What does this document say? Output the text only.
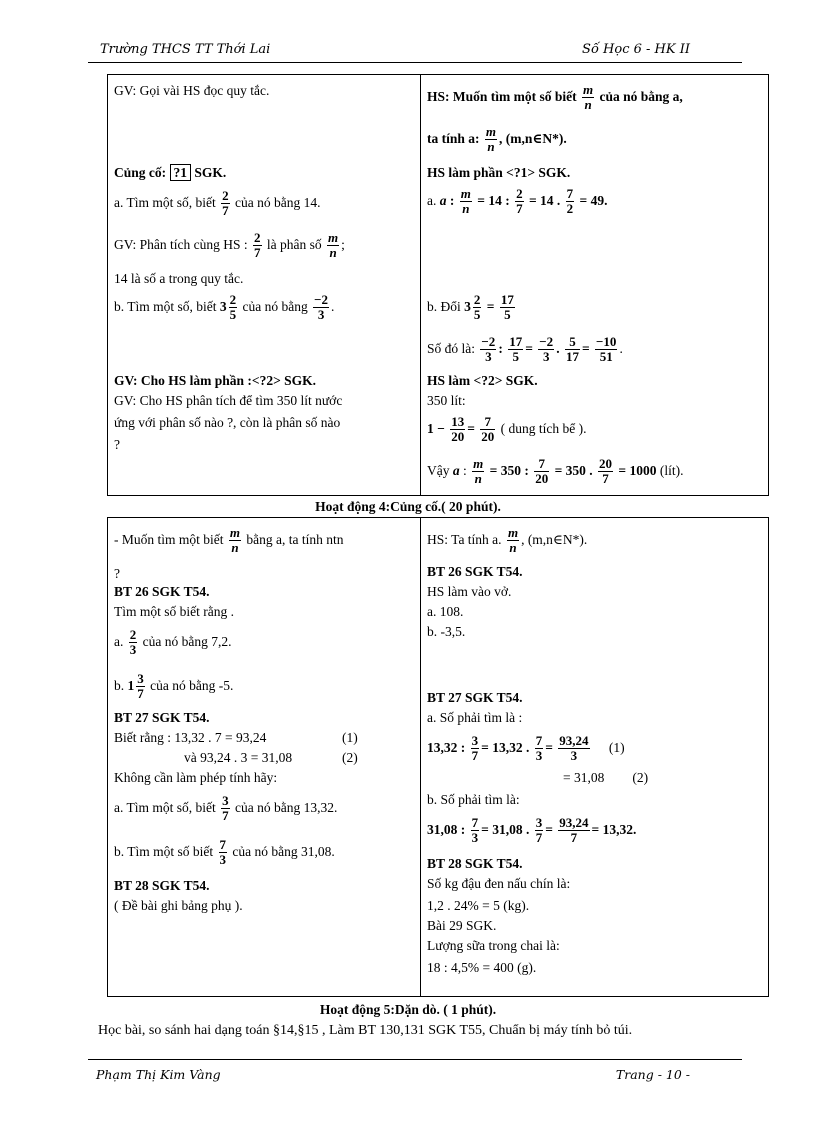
Trường THCS TT Thới Lai	Số Học 6 - HK II
GV: Gọi vài HS đọc quy tắc.
Củng cố: ?1 SGK.
a. Tìm một số, biết $\frac{2}{7}$ của nó bằng 14.
GV: Phân tích cùng HS : $\frac{2}{7}$ là phân số $\frac{m}{n}$ ;
14 là số a trong quy tắc.
b. Tìm một số, biết $3 \frac{2}{5}$ của nó bằng $\frac{-2}{3}$ .
GV: Cho HS làm phần :<?2> SGK.
GV: Cho HS phân tích để tìm 350 lít nước
ứng với phân số nào ?, còn là phân số nào
?
HS: Muốn tìm một số biết $\frac{m}{n}$ của nó bằng a,
ta tính a: $\frac{m}{n}$ , (m,n∈N*).
HS làm phần <?1> SGK.
a. a : $\frac{m}{n} = 14$ : $\frac{2}{7} = 14$ . $\frac{7}{2} = 49$.
b. Đổi $3 \frac{2}{5} = \frac{17}{5}$
Số đó là: $\frac{-2}{3}$ : $\frac{17}{5} = \frac{-2}{3}$ . $\frac{5}{17} = \frac{-10}{51}$ .
HS làm <?2> SGK.
350 lít:
$1 - \frac{13}{20} = \frac{7}{20}$ ( dung tích bể ).
Vậy a : $\frac{m}{n} = 350$ : $\frac{7}{20} = 350$ . $\frac{20}{7} = 1000$ (lít).
Hoạt động 4:Củng cố.( 20 phút).
- Muốn tìm một biết $\frac{m}{n}$ bằng a, ta tính ntn
?
BT 26 SGK T54.
Tìm một số biết rằng .
a. $\frac{2}{3}$ của nó bằng 7,2.
b. $1 \frac{3}{7}$ của nó bằng -5.
BT 27 SGK T54.
Biết rằng : 13,32 . 7 = 93,24	(1)
và 93,24 . 3 = 31,08	(2)
Không cần làm phép tính hãy:
a. Tìm một số, biết $\frac{3}{7}$ của nó bằng 13,32.
b. Tìm một số biết $\frac{7}{3}$ của nó bằng 31,08.
BT 28 SGK T54.
( Đề bài ghi bảng phụ ).
HS: Ta tính a. $\frac{m}{n}$ , (m,n∈N*).
BT 26 SGK T54.
HS làm vào vở.
a. 108.
b. -3,5.
BT 27 SGK T54.
a. Số phải tìm là :
13,32 : $\frac{3}{7} = 13,32$ . $\frac{7}{3} = \frac{93,24}{3} (1)$
= 31,08 (2)
b. Số phải tìm là:
31,08 : $\frac{7}{3} = 31,08$ . $\frac{3}{7} = \frac{93,24}{7} = 13,32$.
BT 28 SGK T54.
Số kg đậu đen nấu chín là:
1,2 . 24% = 5 (kg).
Bài 29 SGK.
Lượng sữa trong chai là:
18 : 4,5% = 400 (g).
Hoạt động 5:Dặn dò. ( 1 phút).
Học bài, so sánh hai dạng toán §14,§15 , Làm BT 130,131 SGK T55, Chuẩn bị máy tính bỏ túi.
Phạm Thị Kim Vàng	Trang - 10 -
